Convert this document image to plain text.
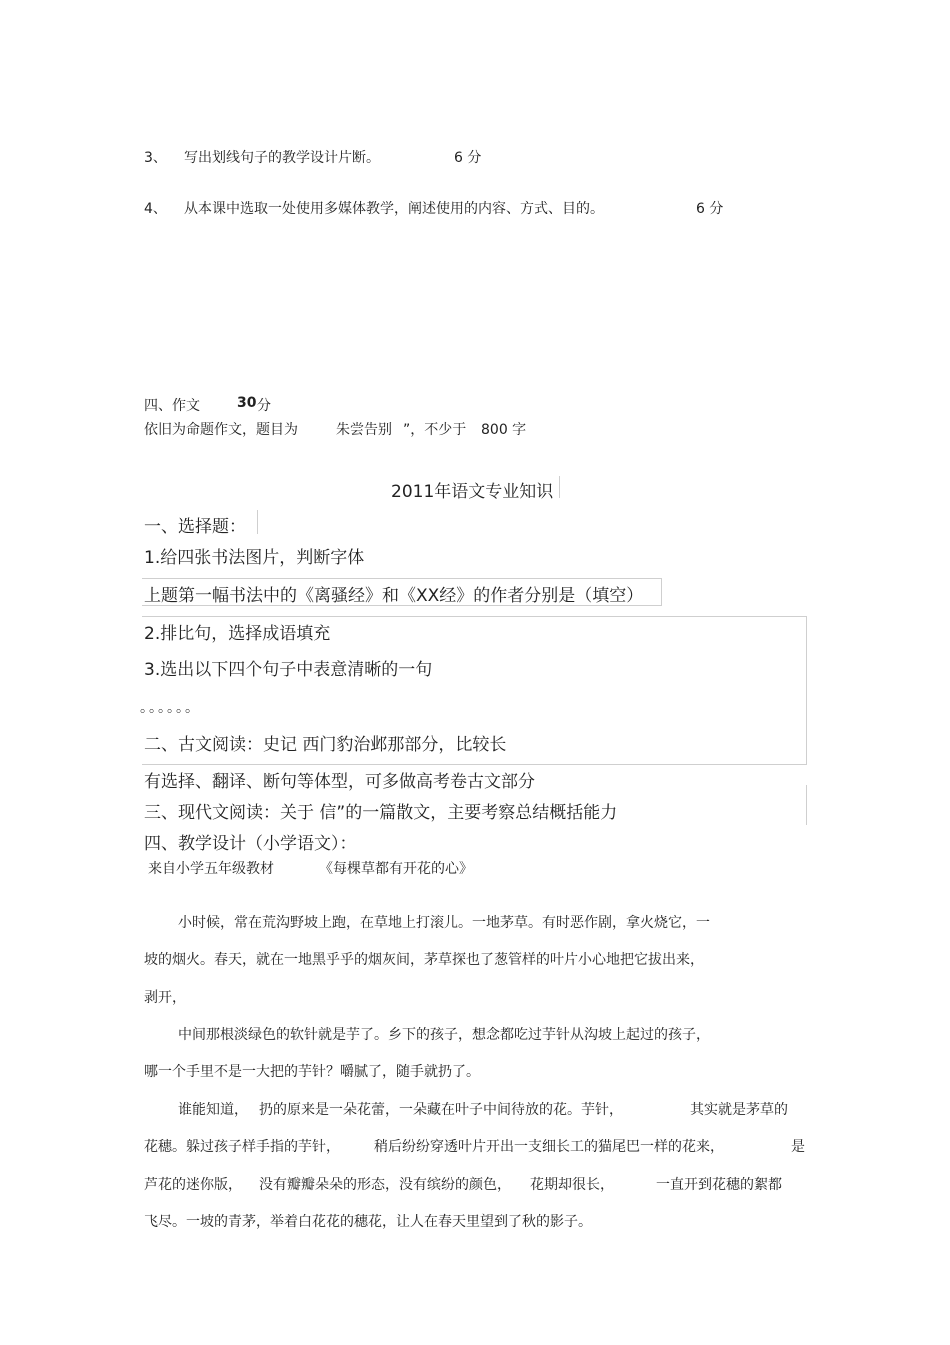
3、 写出划线句子的教学设计片断。	6 分
4、 从本课中选取一处使用多媒体教学，阐述使用的内容、方式、目的。	6 分
四、作文	30 分
依旧为命题作文，题目为	朱尝告别 ”，不少于 800 字
2011年语文专业知识
一、选择题：
1.给四张书法图片，判断字体
上题第一幅书法中的《离骚经》和《XX经》的作者分别是（填空）
2.排比句，选择成语填充
3.选出以下四个句子中表意清晰的一句
。。。。。。
二、古文阅读：史记 西门豹治邺那部分，比较长
有选择、翻译、断句等体型，可多做高考卷古文部分
三、现代文阅读：关于 信”的一篇散文，主要考察总结概括能力
四、教学设计（小学语文）：
来自小学五年级教材	《每棵草都有开花的心》
小时候，常在荒沟野坡上跑，在草地上打滚儿。一地茅草。有时恶作剧，拿火烧它，一
坡的烟火。春天，就在一地黑乎乎的烟灰间，茅草探也了葱管样的叶片小心地把它拔出来，
剥开，
中间那根淡绿色的软针就是芋了。乡下的孩子，想念都吃过芋针从沟坡上起过的孩子，
哪一个手里不是一大把的芋针？嚼腻了，随手就扔了。
谁能知道， 扔的原来是一朵花蕾，一朵藏在叶子中间待放的花。芋针，	其实就是茅草的
花穗。躲过孩子样手指的芋针， 稍后纷纷穿透叶片开出一支细长工的猫尾巴一样的花来，	是
芦花的迷你版， 没有瓣瓣朵朵的形态，没有缤纷的颜色， 花期却很长，	一直开到花穗的絮都
飞尽。一坡的青茅，举着白花花的穗花，让人在春天里望到了秋的影子。
